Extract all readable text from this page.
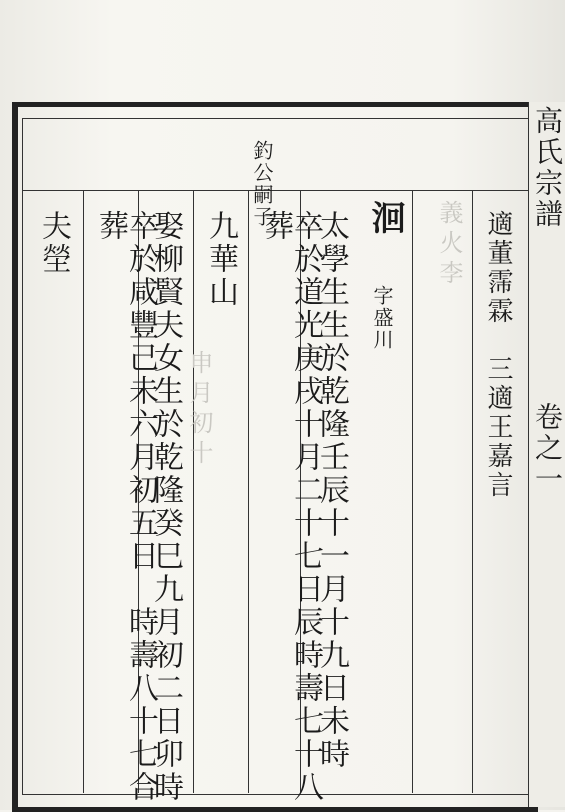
高氏宗譜
卷之一
義火李
申月初十
釣公嗣子	洄
字盛川
太學生生於乾隆壬辰十一月十九日未時
卒於道光庚戌十月二十七日辰時壽七十八葬
九華山
娶柳賢夫女生於乾隆癸巳九月初二日卯時
卒於咸豐己未六月初五日　時壽八十七合葬
夫塋	適董霈霖　三適王嘉言
